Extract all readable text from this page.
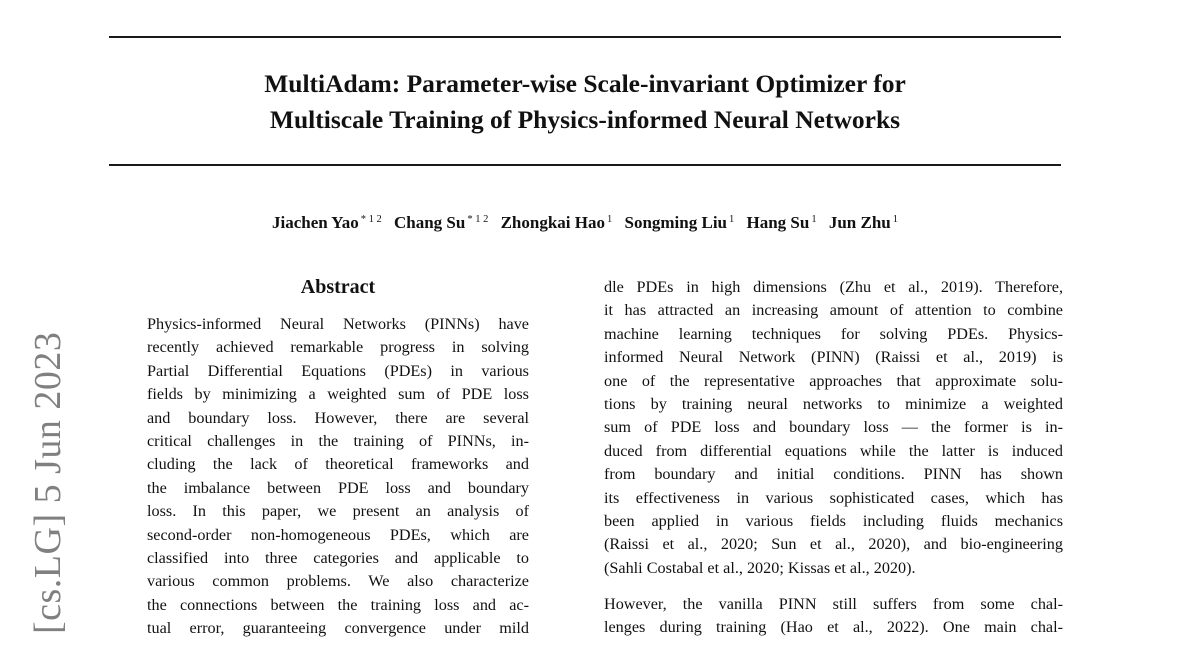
MultiAdam: Parameter-wise Scale-invariant Optimizer for
Multiscale Training of Physics-informed Neural Networks
Jiachen Yao $^{* 1 2}$ Chang Su $^{* 1 2}$ Zhongkai Hao $^1$ Songming Liu $^1$ Hang Su $^1$ Jun Zhu $^1$
[cs.LG] 5 Jun 2023
Abstract
Physics-informed Neural Networks (PINNs) have
recently achieved remarkable progress in solving
Partial Differential Equations (PDEs) in various
fields by minimizing a weighted sum of PDE loss
and boundary loss. However, there are several
critical challenges in the training of PINNs, in-
cluding the lack of theoretical frameworks and
the imbalance between PDE loss and boundary
loss. In this paper, we present an analysis of
second-order non-homogeneous PDEs, which are
classified into three categories and applicable to
various common problems. We also characterize
the connections between the training loss and ac-
tual error, guaranteeing convergence under mild
dle PDEs in high dimensions (Zhu et al., 2019). Therefore,
it has attracted an increasing amount of attention to combine
machine learning techniques for solving PDEs. Physics-
informed Neural Network (PINN) (Raissi et al., 2019) is
one of the representative approaches that approximate solu-
tions by training neural networks to minimize a weighted
sum of PDE loss and boundary loss — the former is in-
duced from differential equations while the latter is induced
from boundary and initial conditions. PINN has shown
its effectiveness in various sophisticated cases, which has
been applied in various fields including fluids mechanics
(Raissi et al., 2020; Sun et al., 2020), and bio-engineering
(Sahli Costabal et al., 2020; Kissas et al., 2020).
However, the vanilla PINN still suffers from some chal-
lenges during training (Hao et al., 2022). One main chal-
